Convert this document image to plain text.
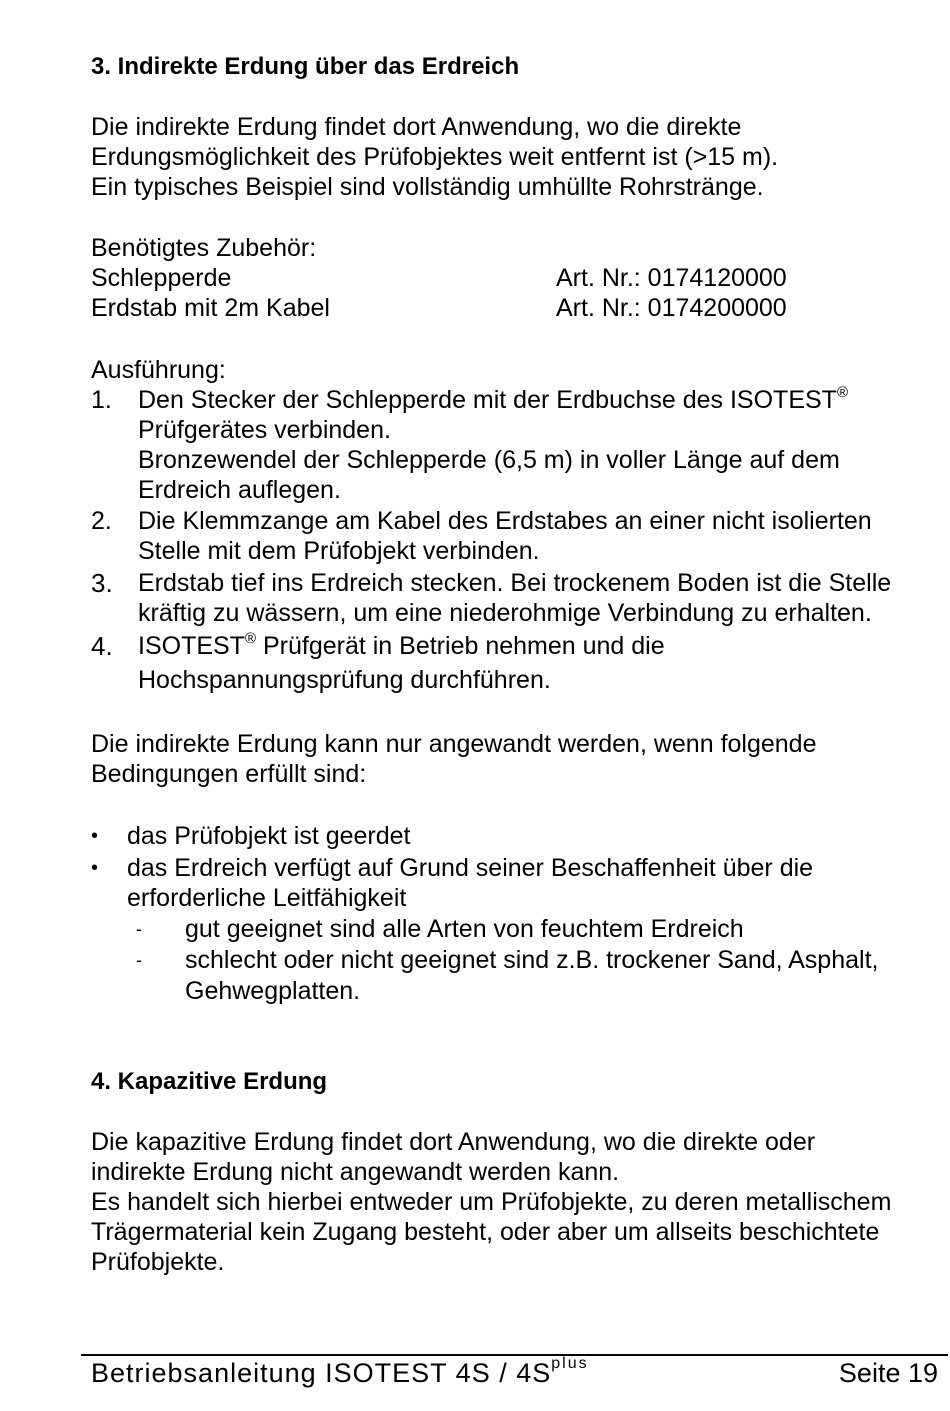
3. Indirekte Erdung über das Erdreich
Die indirekte Erdung findet dort Anwendung, wo die direkte
Erdungsmöglichkeit des Prüfobjektes weit entfernt ist (>15 m).
Ein typisches Beispiel sind vollständig umhüllte Rohrstränge.
Benötigtes Zubehör:
Schlepperde	Art. Nr.: 0174120000
Erdstab mit 2m Kabel	Art. Nr.: 0174200000
Ausführung:
1. Den Stecker der Schlepperde mit der Erdbuchse des ISOTEST®
Prüfgerätes verbinden.
Bronzewendel der Schlepperde (6,5 m) in voller Länge auf dem
Erdreich auflegen.
2. Die Klemmzange am Kabel des Erdstabes an einer nicht isolierten
Stelle mit dem Prüfobjekt verbinden.
3. Erdstab tief ins Erdreich stecken. Bei trockenem Boden ist die Stelle
kräftig zu wässern, um eine niederohmige Verbindung zu erhalten.
4. ISOTEST® Prüfgerät in Betrieb nehmen und die
Hochspannungsprüfung durchführen.
Die indirekte Erdung kann nur angewandt werden, wenn folgende
Bedingungen erfüllt sind:
• das Prüfobjekt ist geerdet
• das Erdreich verfügt auf Grund seiner Beschaffenheit über die
erforderliche Leitfähigkeit
- gut geeignet sind alle Arten von feuchtem Erdreich
- schlecht oder nicht geeignet sind z.B. trockener Sand, Asphalt,
Gehwegplatten.
4. Kapazitive Erdung
Die kapazitive Erdung findet dort Anwendung, wo die direkte oder
indirekte Erdung nicht angewandt werden kann.
Es handelt sich hierbei entweder um Prüfobjekte, zu deren metallischem
Trägermaterial kein Zugang besteht, oder aber um allseits beschichtete
Prüfobjekte.
Betriebsanleitung ISOTEST $4S / 4S^{plus}$	Seite 19
